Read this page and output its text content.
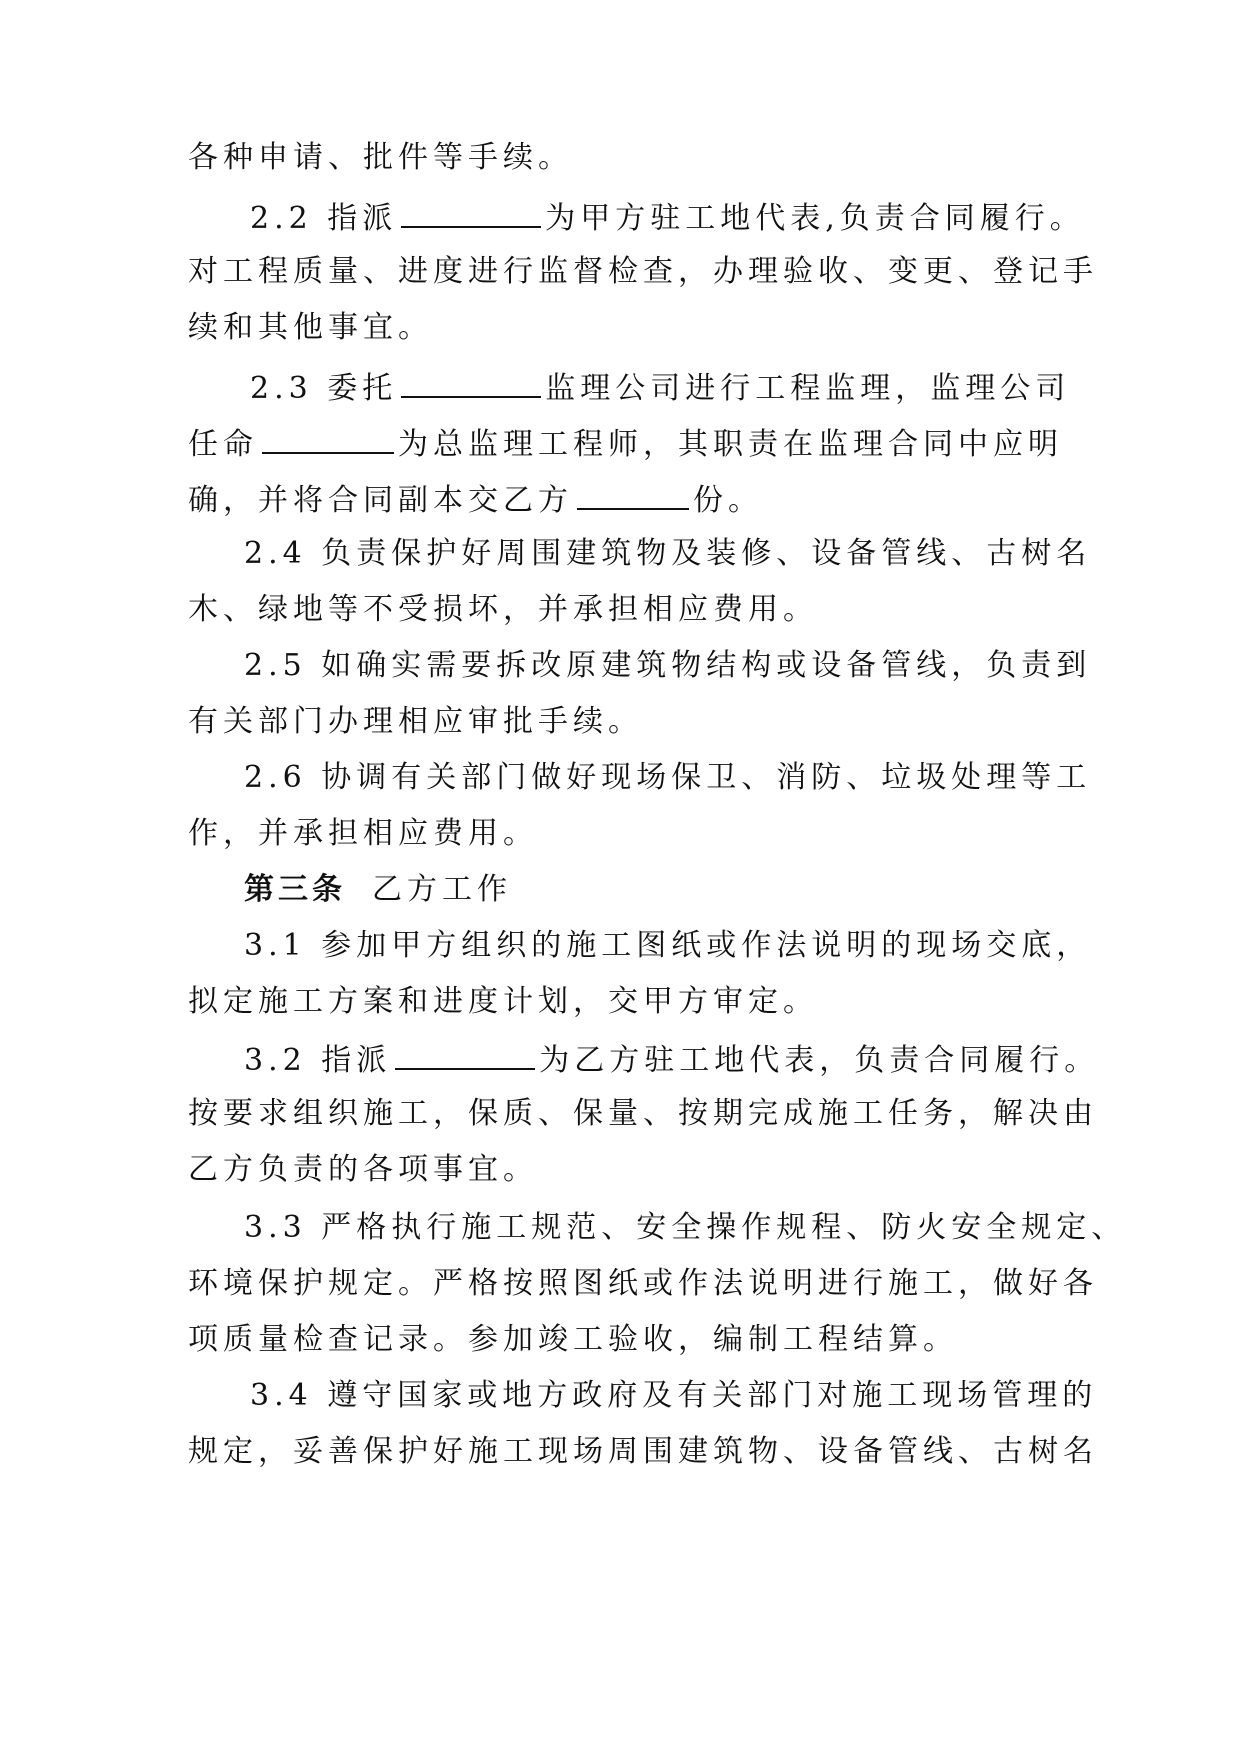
各种申请、批件等手续。
2.2 指派	为甲方驻工地代表,负责合同履行。
对工程质量、进度进行监督检查，办理验收、变更、登记手
续和其他事宜。
2.3 委托	监理公司进行工程监理，监理公司
任命	为总监理工程师，其职责在监理合同中应明
确，并将合同副本交乙方	份。
2.4 负责保护好周围建筑物及装修、设备管线、古树名
木、绿地等不受损坏，并承担相应费用。
2.5 如确实需要拆改原建筑物结构或设备管线，负责到
有关部门办理相应审批手续。
2.6 协调有关部门做好现场保卫、消防、垃圾处理等工
作，并承担相应费用。
第三条 乙方工作
3.1 参加甲方组织的施工图纸或作法说明的现场交底，
拟定施工方案和进度计划，交甲方审定。
3.2 指派	为乙方驻工地代表，负责合同履行。
按要求组织施工，保质、保量、按期完成施工任务，解决由
乙方负责的各项事宜。
3.3 严格执行施工规范、安全操作规程、防火安全规定、
环境保护规定。严格按照图纸或作法说明进行施工，做好各
项质量检查记录。参加竣工验收，编制工程结算。
3.4 遵守国家或地方政府及有关部门对施工现场管理的
规定，妥善保护好施工现场周围建筑物、设备管线、古树名
